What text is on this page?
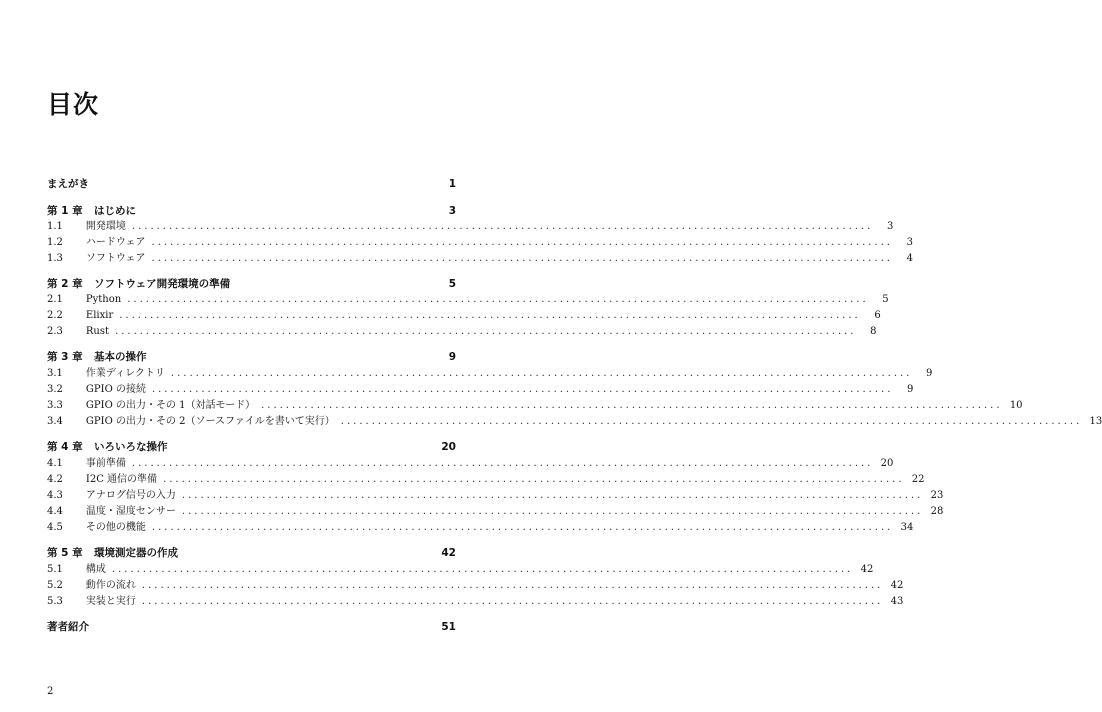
目次
まえがき	1
第 1 章	はじめに	3
1.1 開発環境 ........................................................................................................................	3
1.2 ハードウェア ........................................................................................................................	3
1.3 ソフトウェア ........................................................................................................................	4
第 2 章	ソフトウェア開発環境の準備	5
2.1 Python ........................................................................................................................	5
2.2 Elixir ........................................................................................................................	6
2.3 Rust ........................................................................................................................	8
第 3 章	基本の操作	9
3.1 作業ディレクトリ ........................................................................................................................	9
3.2 GPIO の接続 ........................................................................................................................	9
3.3 GPIO の出力・その 1（対話モード） ........................................................................................................................ 10
3.4 GPIO の出力・その 2（ソースファイルを書いて実行） ........................................................................................................................ 13
第 4 章	いろいろな操作	20
4.1 事前準備 ........................................................................................................................ 20
4.2 I2C 通信の準備 ........................................................................................................................ 22
4.3 アナログ信号の入力 ........................................................................................................................ 23
4.4 温度・湿度センサー ........................................................................................................................ 28
4.5 その他の機能 ........................................................................................................................ 34
第 5 章	環境測定器の作成	42
5.1 構成 ........................................................................................................................ 42
5.2 動作の流れ ........................................................................................................................ 42
5.3 実装と実行 ........................................................................................................................ 43
著者紹介	51
2
